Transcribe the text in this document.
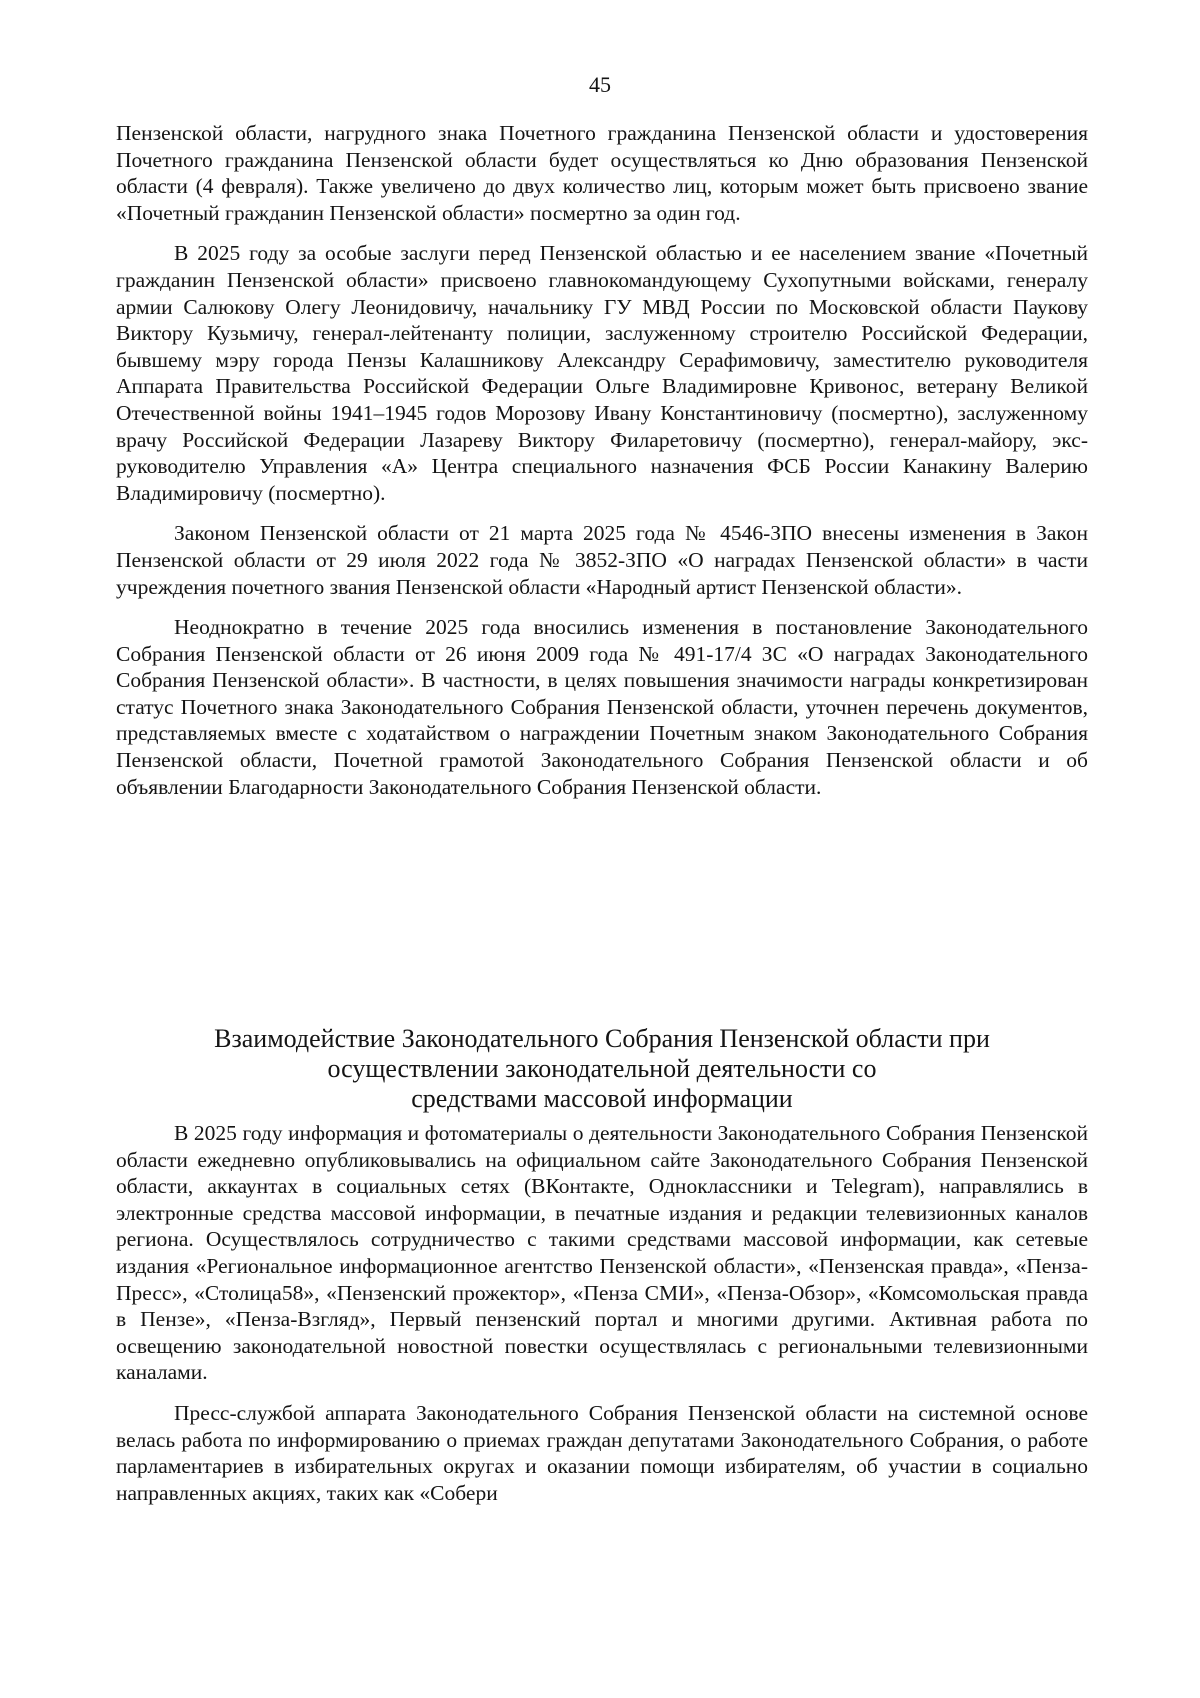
45

Пензенской области, нагрудного знака Почетного гражданина Пензенской области и удостоверения Почетного гражданина Пензенской области будет осуществляться ко Дню образования Пензенской области (4 февраля). Также увеличено до двух количество лиц, которым может быть присвоено звание «Почетный гражданин Пензенской области» посмертно за один год.

В 2025 году за особые заслуги перед Пензенской областью и ее населением звание «Почетный гражданин Пензенской области» присвоено главнокомандующему Сухопутными войсками, генералу армии Салюкову Олегу Леонидовичу, начальнику ГУ МВД России по Московской области Паукову Виктору Кузьмичу, генерал-лейтенанту полиции, заслуженному строителю Российской Федерации, бывшему мэру города Пензы Калашникову Александру Серафимовичу, заместителю руководителя Аппарата Правительства Российской Федерации Ольге Владимировне Кривонос, ветерану Великой Отечественной войны 1941–1945 годов Морозову Ивану Константиновичу (посмертно), заслуженному врачу Российской Федерации Лазареву Виктору Филаретовичу (посмертно), генерал-майору, экс-руководителю Управления «А» Центра специального назначения ФСБ России Канакину Валерию Владимировичу (посмертно).

Законом Пензенской области от 21 марта 2025 года № 4546-ЗПО внесены изменения в Закон Пензенской области от 29 июля 2022 года № 3852-ЗПО «О наградах Пензенской области» в части учреждения почетного звания Пензенской области «Народный артист Пензенской области».

Неоднократно в течение 2025 года вносились изменения в постановление Законодательного Собрания Пензенской области от 26 июня 2009 года № 491-17/4 ЗС «О наградах Законодательного Собрания Пензенской области». В частности, в целях повышения значимости награды конкретизирован статус Почетного знака Законодательного Собрания Пензенской области, уточнен перечень документов, представляемых вместе с ходатайством о награждении Почетным знаком Законодательного Собрания Пензенской области, Почетной грамотой Законодательного Собрания Пензенской области и об объявлении Благодарности Законодательного Собрания Пензенской области.

Взаимодействие Законодательного Собрания Пензенской области при
осуществлении законодательной деятельности со
средствами массовой информации

В 2025 году информация и фотоматериалы о деятельности Законодательного Собрания Пензенской области ежедневно опубликовывались на официальном сайте Законодательного Собрания Пензенской области, аккаунтах в социальных сетях (ВКонтакте, Одноклассники и Telegram), направлялись в электронные средства массовой информации, в печатные издания и редакции телевизионных каналов региона. Осуществлялось сотрудничество с такими средствами массовой информации, как сетевые издания «Региональное информационное агентство Пензенской области», «Пензенская правда», «Пенза-Пресс», «Столица58», «Пензенский прожектор», «Пенза СМИ», «Пенза-Обзор», «Комсомольская правда в Пензе», «Пенза-Взгляд», Первый пензенский портал и многими другими. Активная работа по освещению законодательной новостной повестки осуществлялась с региональными телевизионными каналами.

Пресс-службой аппарата Законодательного Собрания Пензенской области на системной основе велась работа по информированию о приемах граждан депутатами Законодательного Собрания, о работе парламентариев в избирательных округах и оказании помощи избирателям, об участии в социально направленных акциях, таких как «Собери
